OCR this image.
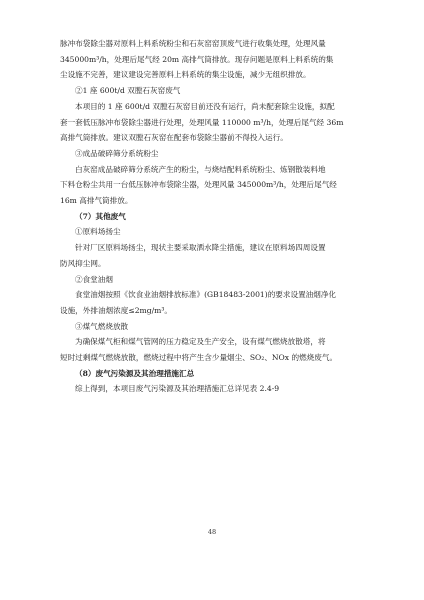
脉冲布袋除尘器对原料上料系统粉尘和石灰窑窑顶废气进行收集处理，处理风量

345000m³/h，处理后尾气经 20m 高排气筒排放。现存问题是原料上料系统的集

尘设施不完善，建议建设完善原料上料系统的集尘设施，减少无组织排放。

②1 座 600t/d 双膛石灰窑废气

本项目的 1 座 600t/d 双膛石灰窑目前还没有运行，尚未配套除尘设施，拟配

套一套低压脉冲布袋除尘器进行处理，处理风量 110000 m³/h，处理后尾气经 36m

高排气筒排放。建议双膛石灰窑在配套布袋除尘器前不得投入运行。

③成品破碎筛分系统粉尘

白灰窑成品破碎筛分系统产生的粉尘，与烧结配料系统粉尘、炼钢散装料地

下料仓粉尘共用一台低压脉冲布袋除尘器，处理风量 345000m³/h，处理后尾气经

16m 高排气筒排放。

（7）其他废气

①原料场扬尘

针对厂区原料场扬尘，现状主要采取洒水降尘措施，建议在原料场四周设置

防风抑尘网。

②食堂油烟

食堂油烟按照《饮食业油烟排放标准》(GB18483-2001)的要求设置油烟净化

设施，外排油烟浓度≤2mg/m³。

③煤气燃烧放散

为确保煤气柜和煤气管网的压力稳定及生产安全，设有煤气燃烧放散塔，将

短时过剩煤气燃烧放散，燃烧过程中将产生含少量烟尘、SO₂、NOx 的燃烧废气。

（8）废气污染源及其治理措施汇总

综上得到，本项目废气污染源及其治理措施汇总详见表 2.4-9

48
